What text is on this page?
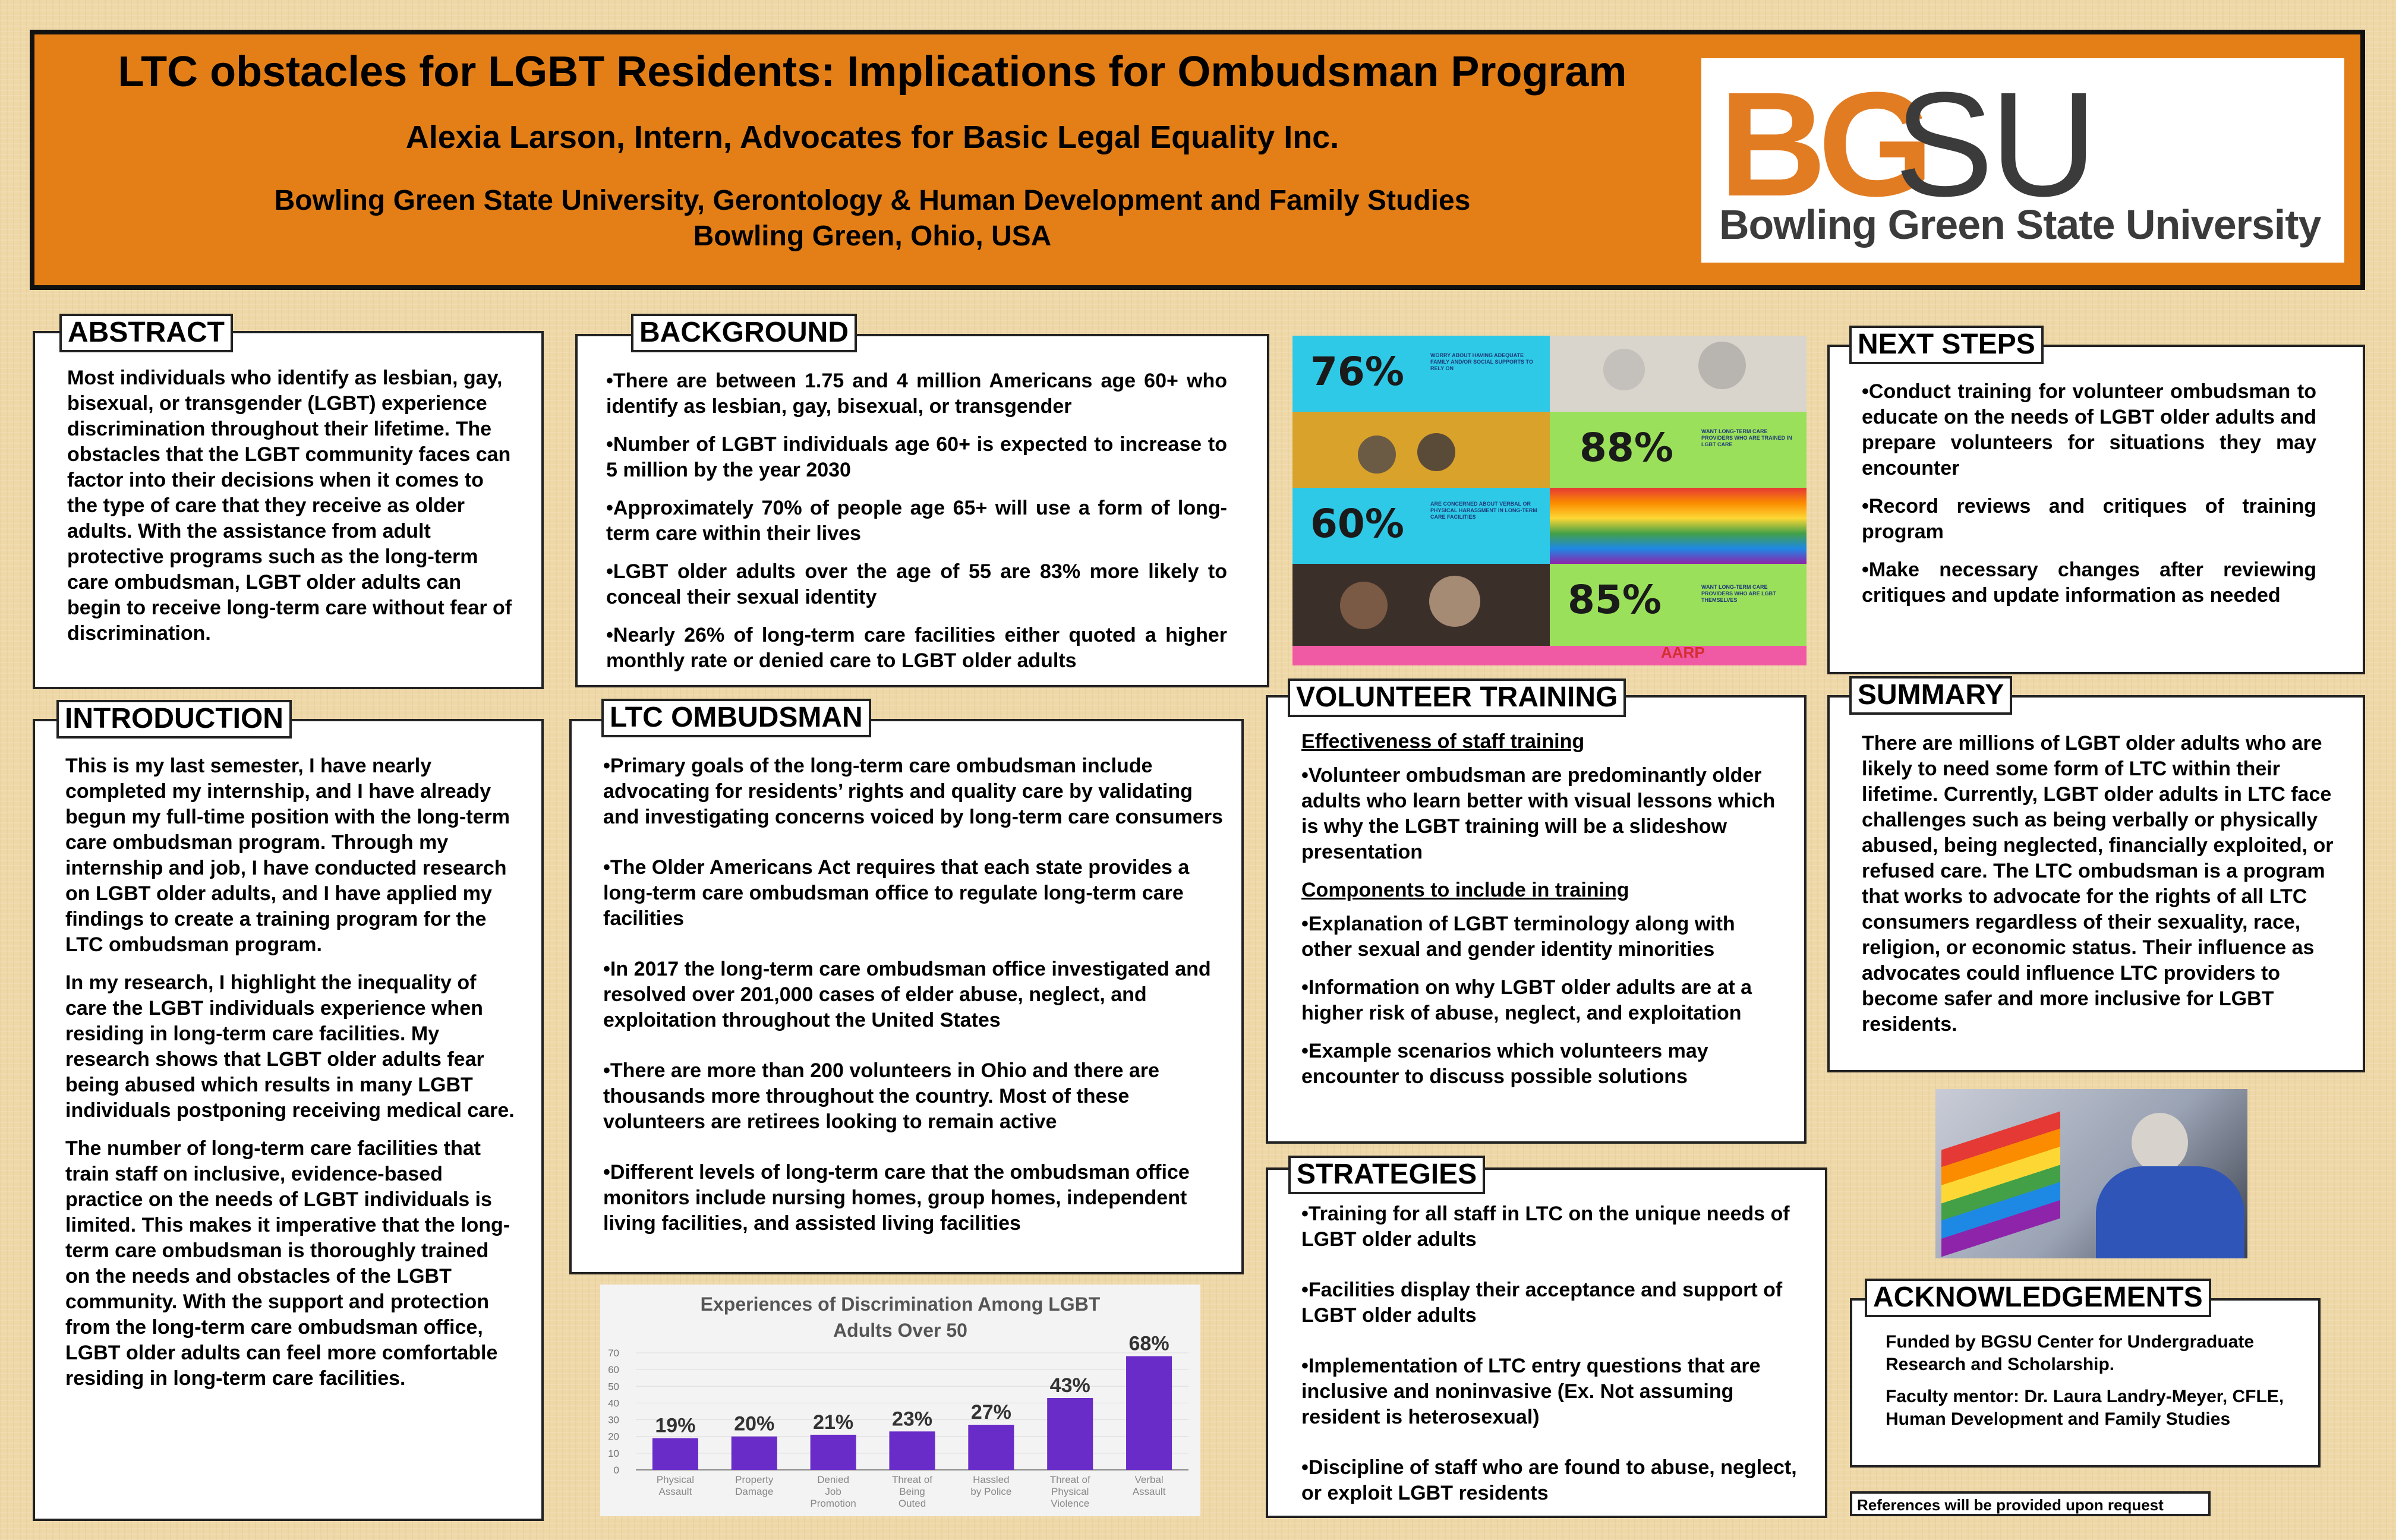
LTC obstacles for LGBT Residents: Implications for Ombudsman Program
Alexia Larson, Intern, Advocates for Basic Legal Equality Inc.
Bowling Green State University, Gerontology & Human Development and Family Studies
Bowling Green, Ohio, USA
BG
SU
Bowling Green State University
ABSTRACT
Most individuals who identify as lesbian, gay, bisexual, or transgender (LGBT) experience discrimination throughout their lifetime. The obstacles that the LGBT community faces can factor into their decisions when it comes to the type of care that they receive as older adults. With the assistance from adult protective programs such as the long-term care ombudsman, LGBT older adults can begin to receive long-term care without fear of discrimination.
INTRODUCTION

This is my last semester, I have nearly completed my internship, and I have already begun my full-time position with the long-term care ombudsman program. Through my internship and job, I have conducted research on LGBT older adults, and I have applied my findings to create a training program for the LTC ombudsman program.

In my research, I highlight the inequality of care the LGBT individuals experience when residing in long-term care facilities. My research shows that LGBT older adults fear being abused which results in many LGBT individuals postponing receiving medical care.

The number of long-term care facilities that train staff on inclusive, evidence-based practice on the needs of LGBT individuals is limited. This makes it imperative that the long-term care ombudsman is thoroughly trained on the needs and obstacles of the LGBT community. With the support and protection from the long-term care ombudsman office, LGBT older adults can feel more comfortable residing in long-term care facilities.

BACKGROUND

•There are between 1.75 and 4 million Americans age 60+ who identify as lesbian, gay, bisexual, or transgender

•Number of LGBT individuals age 60+ is expected to increase to 5 million by the year 2030

•Approximately 70% of people age 65+ will use a form of long-term care within their lives

•LGBT older adults over the age of 55 are 83% more likely to conceal their sexual identity

•Nearly 26% of long-term care facilities either quoted a higher monthly rate or denied care to LGBT older adults

LTC OMBUDSMAN

•Primary goals of the long-term care ombudsman include advocating for residents’ rights and quality care by validating and investigating concerns voiced by long-term care consumers

•The Older Americans Act requires that each state provides a long-term care ombudsman office to regulate long-term care facilities

•In 2017 the long-term care ombudsman office investigated and resolved over 201,000 cases of elder abuse, neglect, and exploitation throughout the United States

•There are more than 200 volunteers in Ohio and there are thousands more throughout the country. Most of these volunteers are retirees looking to remain active

•Different levels of long-term care that the ombudsman office monitors include nursing homes, group homes, independent living facilities, and assisted living facilities

76%	WORRY ABOUT HAVING ADEQUATE FAMILY AND/OR SOCIAL SUPPORTS TO RELY ON
88%	WANT LONG-TERM CARE PROVIDERS WHO ARE TRAINED IN LGBT CARE
60%	ARE CONCERNED ABOUT VERBAL OR PHYSICAL HARASSMENT IN LONG-TERM CARE FACILITIES
85%	WANT LONG-TERM CARE PROVIDERS WHO ARE LGBT THEMSELVES
AARP
VOLUNTEER TRAINING

Effectiveness of staff training

•Volunteer ombudsman are predominantly older adults who learn better with visual lessons which is why the LGBT training will be a slideshow presentation

Components to include in training

•Explanation of LGBT terminology along with other sexual and gender identity minorities

•Information on why LGBT older adults are at a higher risk of abuse, neglect, and exploitation

•Example scenarios which volunteers may encounter to discuss possible solutions

STRATEGIES

•Training for all staff in LTC on the unique needs of LGBT older adults

•Facilities display their acceptance and support of LGBT older adults

•Implementation of LTC entry questions that are inclusive and noninvasive (Ex. Not assuming resident is heterosexual)

•Discipline of staff who are found to abuse, neglect, or exploit LGBT residents

NEXT STEPS

•Conduct training for volunteer ombudsman to educate on the needs of LGBT older adults and prepare volunteers for situations they may encounter

•Record reviews and critiques of training program

•Make necessary changes after reviewing critiques and update information as needed

SUMMARY
There are millions of LGBT older adults who are likely to need some form of LTC within their lifetime. Currently, LGBT older adults in LTC face challenges such as being verbally or physically abused, being neglected, financially exploited, or refused care. The LTC ombudsman is a program that works to advocate for the rights of all LTC consumers regardless of their sexuality, race, religion, or economic status. Their influence as advocates could influence LTC providers to become safer and more inclusive for LGBT residents.
ACKNOWLEDGEMENTS

Funded by BGSU Center for Undergraduate Research and Scholarship.

Faculty mentor: Dr. Laura Landry-Meyer, CFLE, Human Development and Family Studies

References will be provided upon request
Experiences of Discrimination Among LGBT Adults Over 50
0
10
20
30
40
50
60
70
19%
Physical
Assault
20%
Property
Damage
21%
Denied
Job
Promotion
23%
Threat of
Being
Outed
27%
Hassled
by Police
43%
Threat of
Physical
Violence
68%
Verbal
Assault
